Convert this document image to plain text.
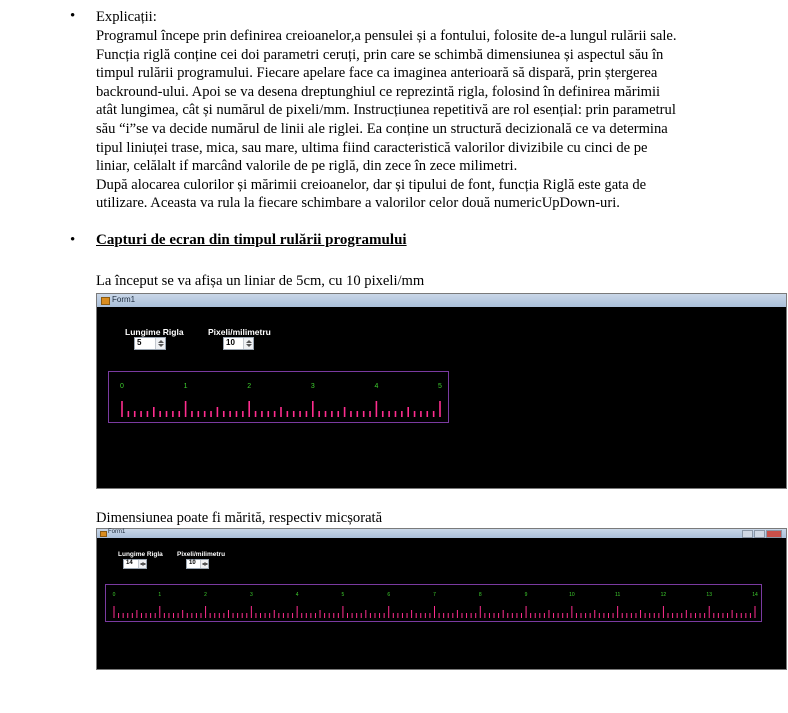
• Explicații:
Programul începe prin definirea creioanelor,a pensulei și a fontului, folosite de-a lungul rulării sale.
Funcția riglă conține cei doi parametri ceruți, prin care se schimbă dimensiunea și aspectul său în
timpul rulării programului. Fiecare apelare face ca imaginea anterioară să dispară, prin ștergerea
backround-ului. Apoi se va desena dreptunghiul ce reprezintă rigla, folosind în definirea mărimii
atât lungimea, cât și numărul de pixeli/mm. Instrucțiunea repetitivă are rol esențial: prin parametrul
său “i”se va decide numărul de linii ale riglei. Ea conține un structură decizională ce va determina
tipul liniuței trase, mica, sau mare, ultima fiind caracteristică valorilor divizibile cu cinci de pe
liniar, celălalt if marcând valorile de pe riglă, din zece în zece milimetri.
După alocarea culorilor și mărimii creioanelor, dar și tipului de font, funcția Riglă este gata de
utilizare. Aceasta va rula la fiecare schimbare a valorilor celor două numericUpDown-uri.
• Capturi de ecran din timpul rulării programului
La început se va afișa un liniar de 5cm, cu 10 pixeli/mm
Form1
Lungime Rigla	Pixeli/milimetru
5	10
0	1	2	3	4	5
Dimensiunea poate fi mărită, respectiv micșorată
Form1
Lungime Rigla Pixeli/milimetru
14	10
0	1	2	3	4	5	6	7	8	9	10	11	12	13	14
